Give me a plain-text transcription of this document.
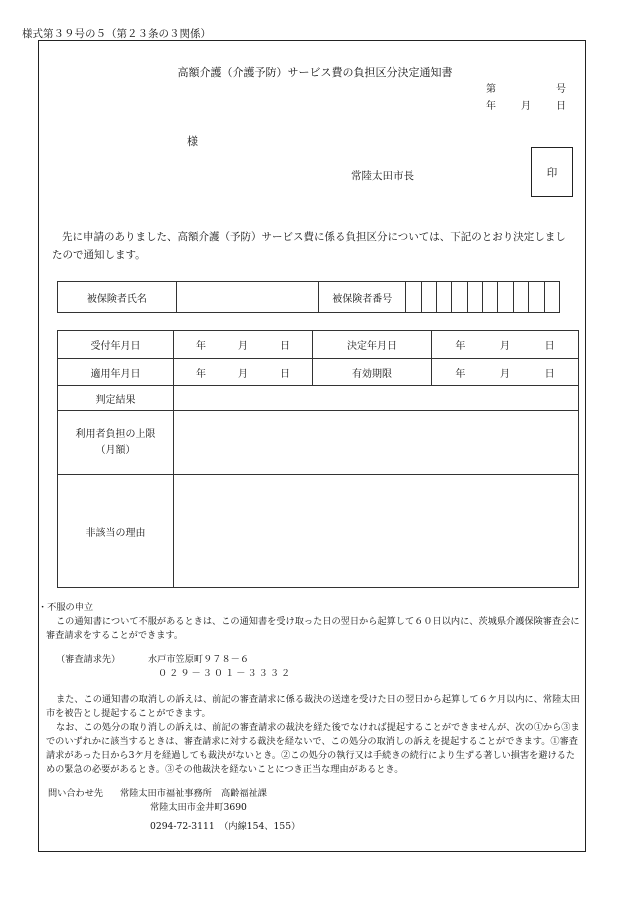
様式第３９号の５（第２３条の３関係）
高額介護（介護予防）サービス費の負担区分決定通知書
第	号
年	月	日
様
常陸太田市長	印
先に申請のありました、高額介護（予防）サービス費に係る負担区分については、下記のとおり決定しましたので通知します。
被保険者氏名		被保険者番号										
受付年月日	年 月 日	決定年月日	年 月 日

適用年月日	年 月 日	有効期限	年 月 日

判定結果			

利用者負担の上限
（月額）			

非該当の理由			

・不服の申立

この通知書について不服があるときは、この通知書を受け取った日の翌日から起算して６０日以内に、茨城県介護保険審査会に審査請求をすることができます。

（審査請求先）	水戸市笠原町９７８－６
０２９－３０１－３３３２

また、この通知書の取消しの訴えは、前記の審査請求に係る裁決の送達を受けた日の翌日から起算して６ケ月以内に、常陸太田市を被告とし提起することができます。

なお、この処分の取り消しの訴えは、前記の審査請求の裁決を経た後でなければ提起することができませんが、次の①から③までのいずれかに該当するときは、審査請求に対する裁決を経ないで、この処分の取消しの訴えを提起することができます。①審査請求があった日から3ケ月を経過しても裁決がないとき。②この処分の執行又は手続きの続行により生ずる著しい損害を避けるための緊急の必要があるとき。③その他裁決を経ないことにつき正当な理由があるとき。

問い合わせ先	常陸太田市福祉事務所　高齢福祉課
常陸太田市金井町3690
0294-72-3111　（内線154、155）
